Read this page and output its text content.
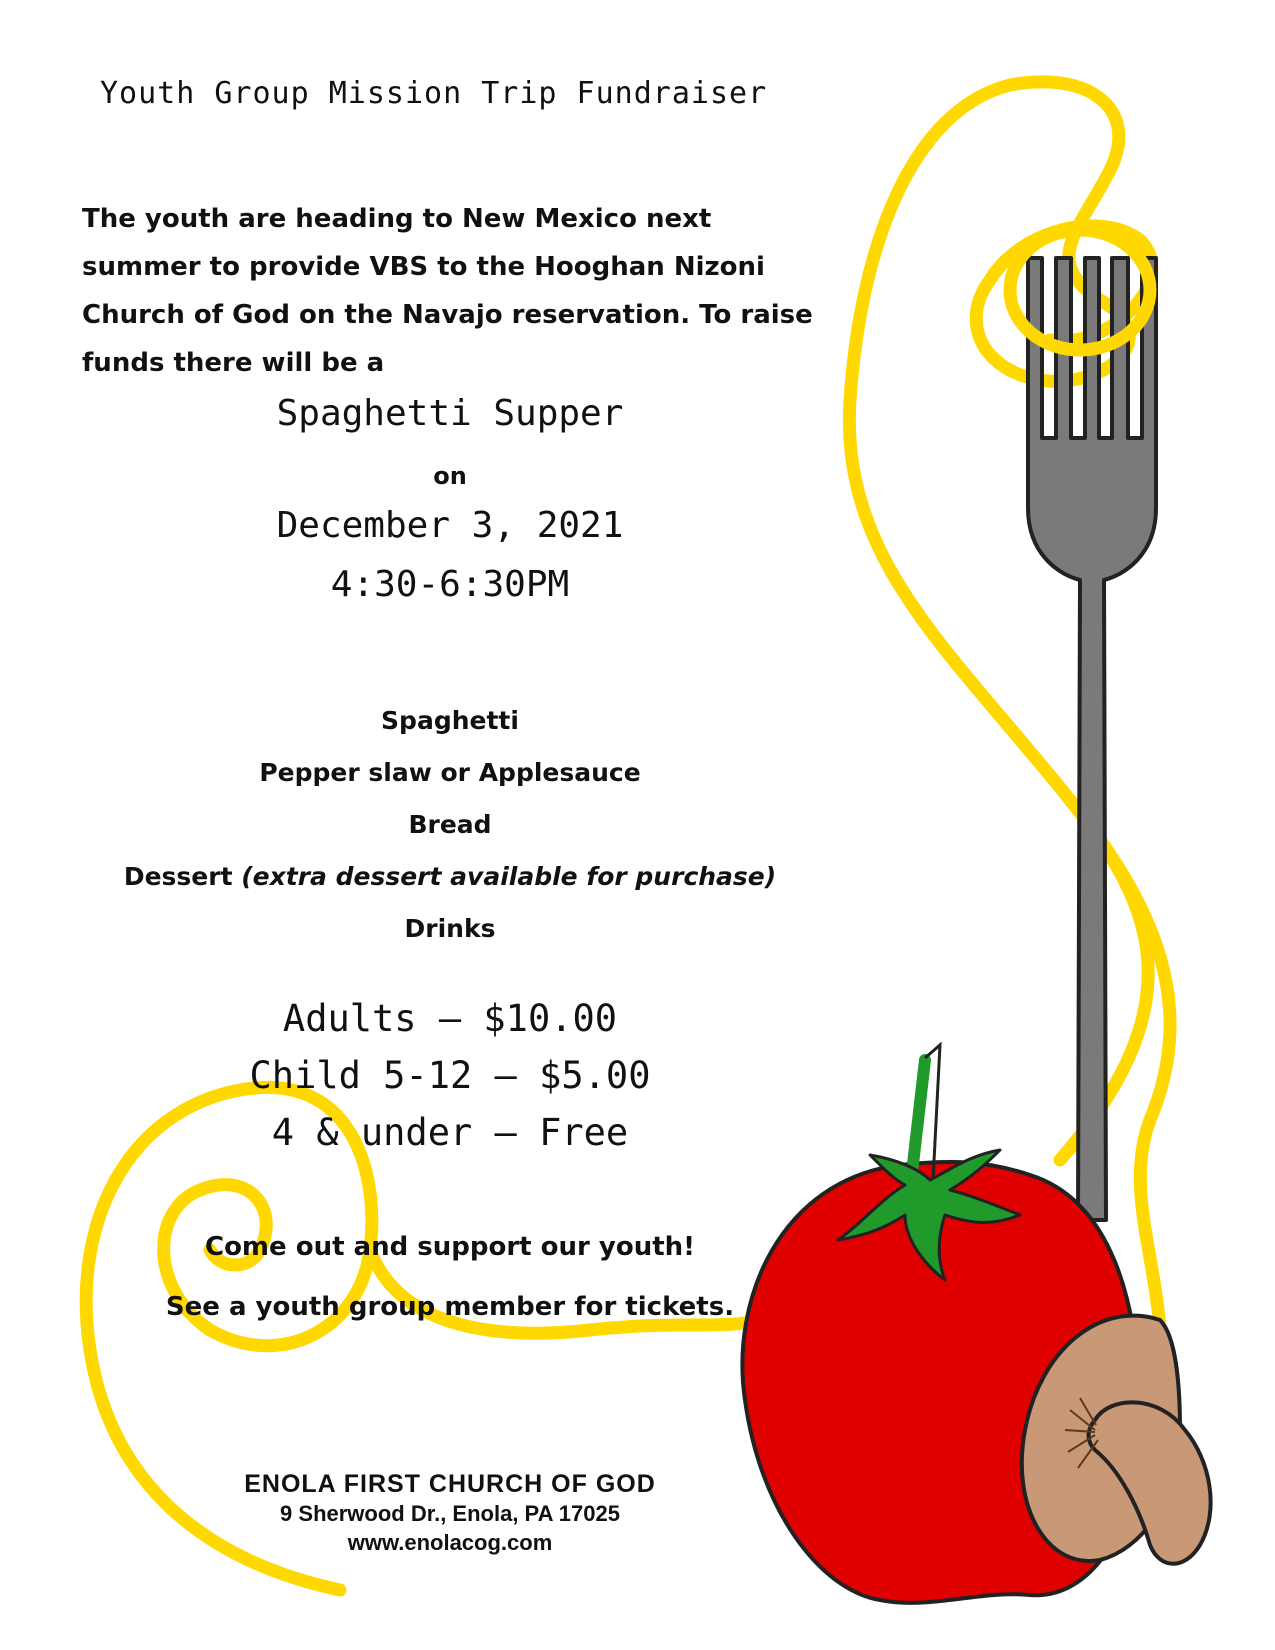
Youth Group Mission Trip Fundraiser
The youth are heading to New Mexico next summer to provide VBS to the Hooghan Nizoni Church of God on the Navajo reservation. To raise funds there will be a
Spaghetti Supper
on
December 3, 2021
4:30-6:30PM
Spaghetti
Pepper slaw or Applesauce
Bread
Dessert (extra dessert available for purchase)
Drinks
Adults – $10.00
Child 5-12 – $5.00
4 & under – Free
Come out and support our youth!
See a youth group member for tickets.
ENOLA FIRST CHURCH OF GOD
9 Sherwood Dr., Enola, PA 17025
www.enolacog.com
